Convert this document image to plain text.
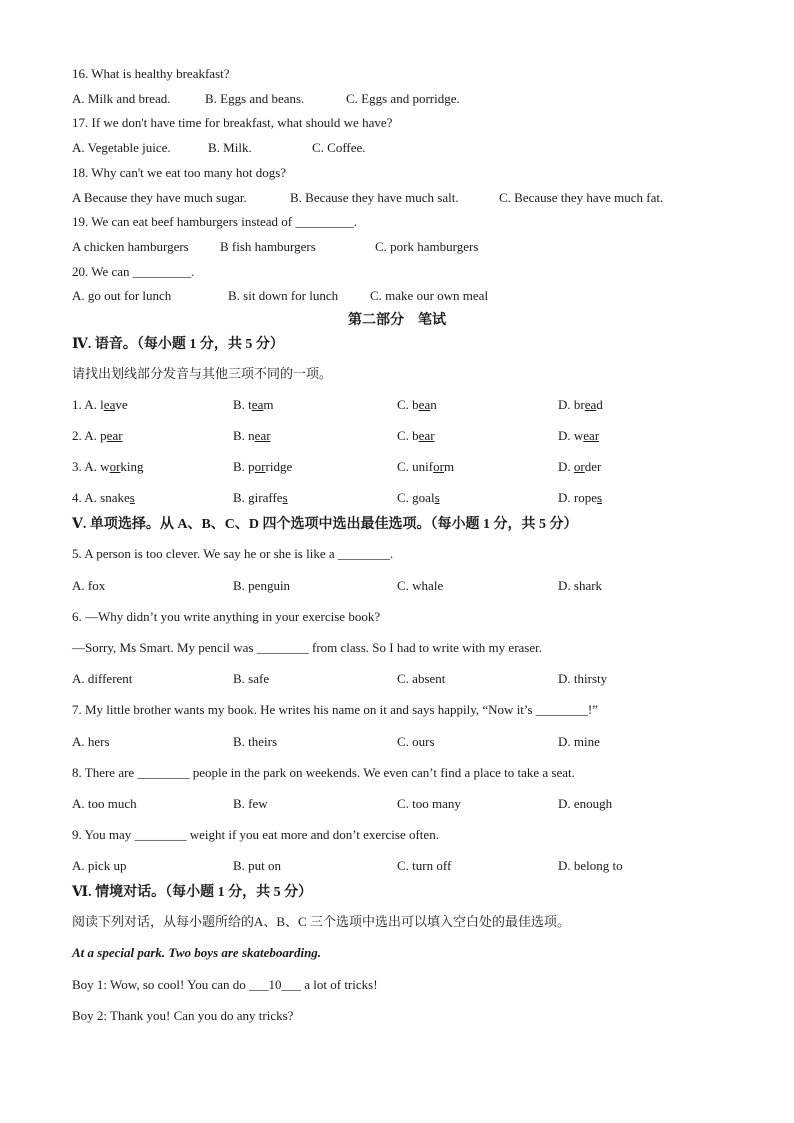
16. What is healthy breakfast?
A. Milk and bread.	B. Eggs and beans.	C. Eggs and porridge.
17. If we don't have time for breakfast, what should we have?
A. Vegetable juice.	B. Milk.	C. Coffee.
18. Why can't we eat too many hot dogs?
A Because they have much sugar.	B. Because they have much salt.	C. Because they have much fat.
19. We can eat beef hamburgers instead of _________.
A chicken hamburgers B fish hamburgers	C. pork hamburgers
20. We can _________.
A. go out for lunch	B. sit down for lunch C. make our own meal
第二部分　笔试
Ⅳ. 语音。（每小题 1 分，共 5 分）
请找出划线部分发音与其他三项不同的一项。
1. A. leave	B. team	C. bean	D. bread
2. A. pear	B. near	C. bear	D. wear
3. A. working	B. porridge	C. uniform	D. order
4. A. snakes	B. giraffes	C. goals	D. ropes
Ⅴ. 单项选择。从 A、B、C、D 四个选项中选出最佳选项。（每小题 1 分，共 5 分）
5. A person is too clever. We say he or she is like a ________.
A. fox	B. penguin	C. whale	D. shark
6. —Why didn’t you write anything in your exercise book?
—Sorry, Ms Smart. My pencil was ________ from class. So I had to write with my eraser.
A. different	B. safe	C. absent	D. thirsty
7. My little brother wants my book. He writes his name on it and says happily, “Now it’s ________!”
A. hers	B. theirs	C. ours	D. mine
8. There are ________ people in the park on weekends. We even can’t find a place to take a seat.
A. too much	B. few	C. too many	D. enough
9. You may ________ weight if you eat more and don’t exercise often.
A. pick up	B. put on	C. turn off	D. belong to
Ⅵ. 情境对话。（每小题 1 分，共 5 分）
阅读下列对话，从每小题所给的A、B、C 三个选项中选出可以填入空白处的最佳选项。
At a special park. Two boys are skateboarding.
Boy 1: Wow, so cool! You can do ___10___ a lot of tricks!
Boy 2: Thank you! Can you do any tricks?
